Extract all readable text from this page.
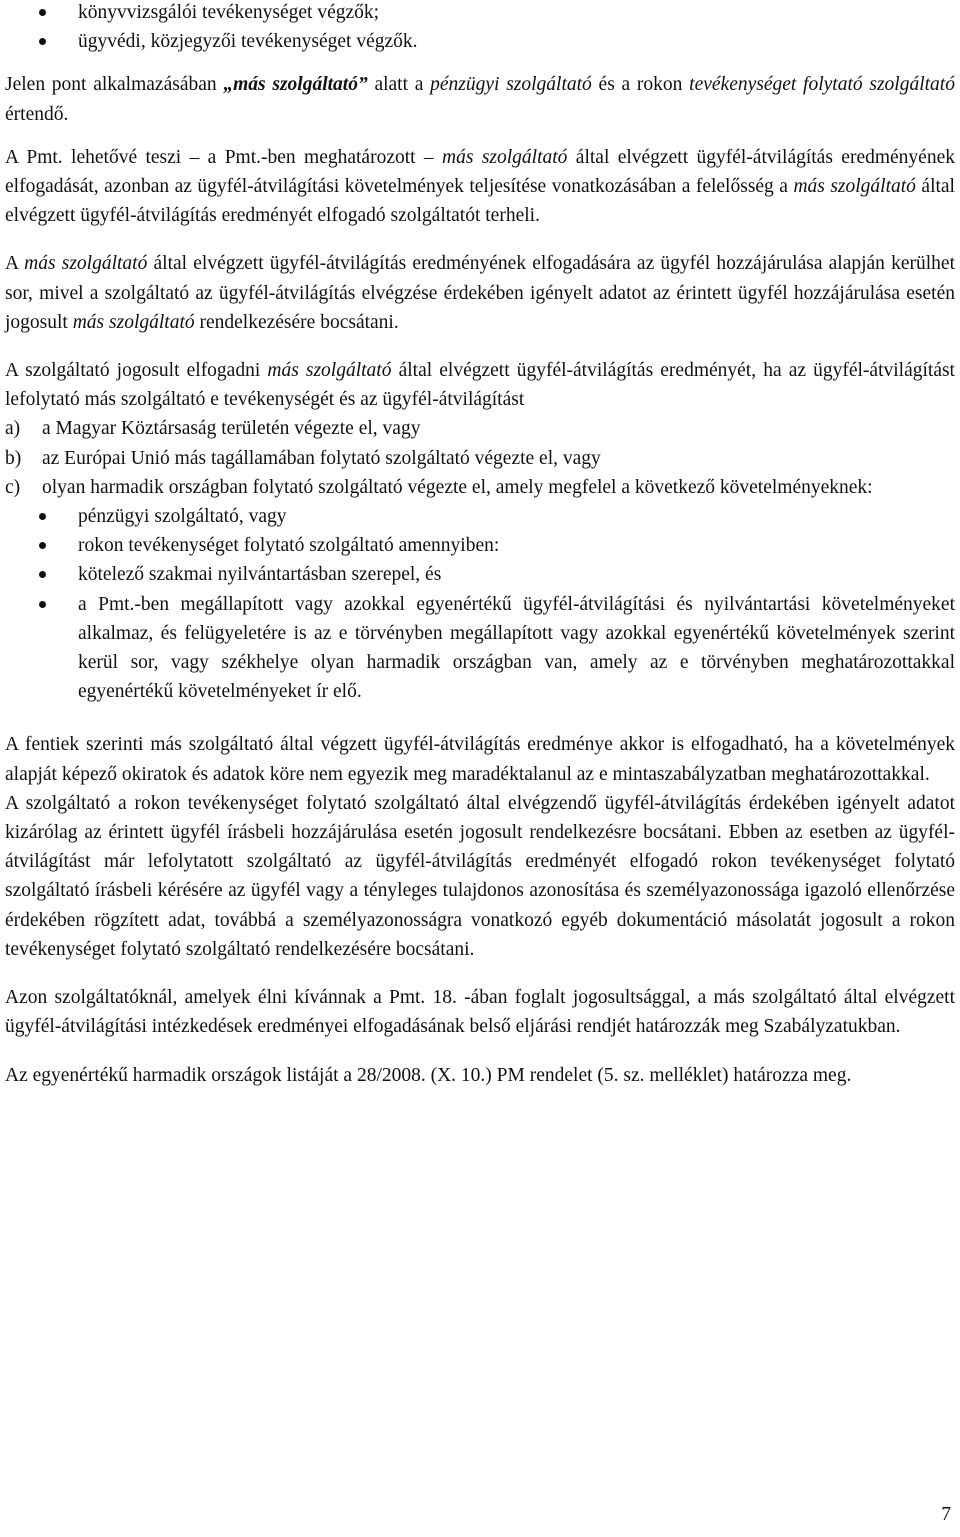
könyvvizsgálói tevékenységet végzők;
ügyvédi, közjegyzői tevékenységet végzők.

Jelen pont alkalmazásában „más szolgáltató” alatt a pénzügyi szolgáltató és a rokon tevékenységet folytató szolgáltató értendő.

A Pmt. lehetővé teszi – a Pmt.-ben meghatározott – más szolgáltató által elvégzett ügyfél-átvilágítás eredményének elfogadását, azonban az ügyfél-átvilágítási követelmények teljesítése vonatkozásában a felelősség a más szolgáltató által elvégzett ügyfél-átvilágítás eredményét elfogadó szolgáltatót terheli.

A más szolgáltató által elvégzett ügyfél-átvilágítás eredményének elfogadására az ügyfél hozzájárulása alapján kerülhet sor, mivel a szolgáltató az ügyfél-átvilágítás elvégzése érdekében igényelt adatot az érintett ügyfél hozzájárulása esetén jogosult más szolgáltató rendelkezésére bocsátani.

A szolgáltató jogosult elfogadni más szolgáltató által elvégzett ügyfél-átvilágítás eredményét, ha az ügyfél-átvilágítást lefolytató más szolgáltató e tevékenységét és az ügyfél-átvilágítást

a) a Magyar Köztársaság területén végezte el, vagy
b) az Európai Unió más tagállamában folytató szolgáltató végezte el, vagy
c) olyan harmadik országban folytató szolgáltató végezte el, amely megfelel a következő követelményeknek:
pénzügyi szolgáltató, vagy
rokon tevékenységet folytató szolgáltató amennyiben:
kötelező szakmai nyilvántartásban szerepel, és
a Pmt.-ben megállapított vagy azokkal egyenértékű ügyfél-átvilágítási és nyilvántartási követelményeket alkalmaz, és felügyeletére is az e törvényben megállapított vagy azokkal egyenértékű követelmények szerint kerül sor, vagy székhelye olyan harmadik országban van, amely az e törvényben meghatározottakkal egyenértékű követelményeket ír elő.

A fentiek szerinti más szolgáltató által végzett ügyfél-átvilágítás eredménye akkor is elfogadható, ha a követelmények alapját képező okiratok és adatok köre nem egyezik meg maradéktalanul az e mintaszabályzatban meghatározottakkal.

A szolgáltató a rokon tevékenységet folytató szolgáltató által elvégzendő ügyfél-átvilágítás érdekében igényelt adatot kizárólag az érintett ügyfél írásbeli hozzájárulása esetén jogosult rendelkezésre bocsátani. Ebben az esetben az ügyfél-átvilágítást már lefolytatott szolgáltató az ügyfél-átvilágítás eredményét elfogadó rokon tevékenységet folytató szolgáltató írásbeli kérésére az ügyfél vagy a tényleges tulajdonos azonosítása és személyazonossága igazoló ellenőrzése érdekében rögzített adat, továbbá a személyazonosságra vonatkozó egyéb dokumentáció másolatát jogosult a rokon tevékenységet folytató szolgáltató rendelkezésére bocsátani.

Azon szolgáltatóknál, amelyek élni kívánnak a Pmt. 18. -ában foglalt jogosultsággal, a más szolgáltató által elvégzett ügyfél-átvilágítási intézkedések eredményei elfogadásának belső eljárási rendjét határozzák meg Szabályzatukban.

Az egyenértékű harmadik országok listáját a 28/2008. (X. 10.) PM rendelet (5. sz. melléklet) határozza meg.

7
